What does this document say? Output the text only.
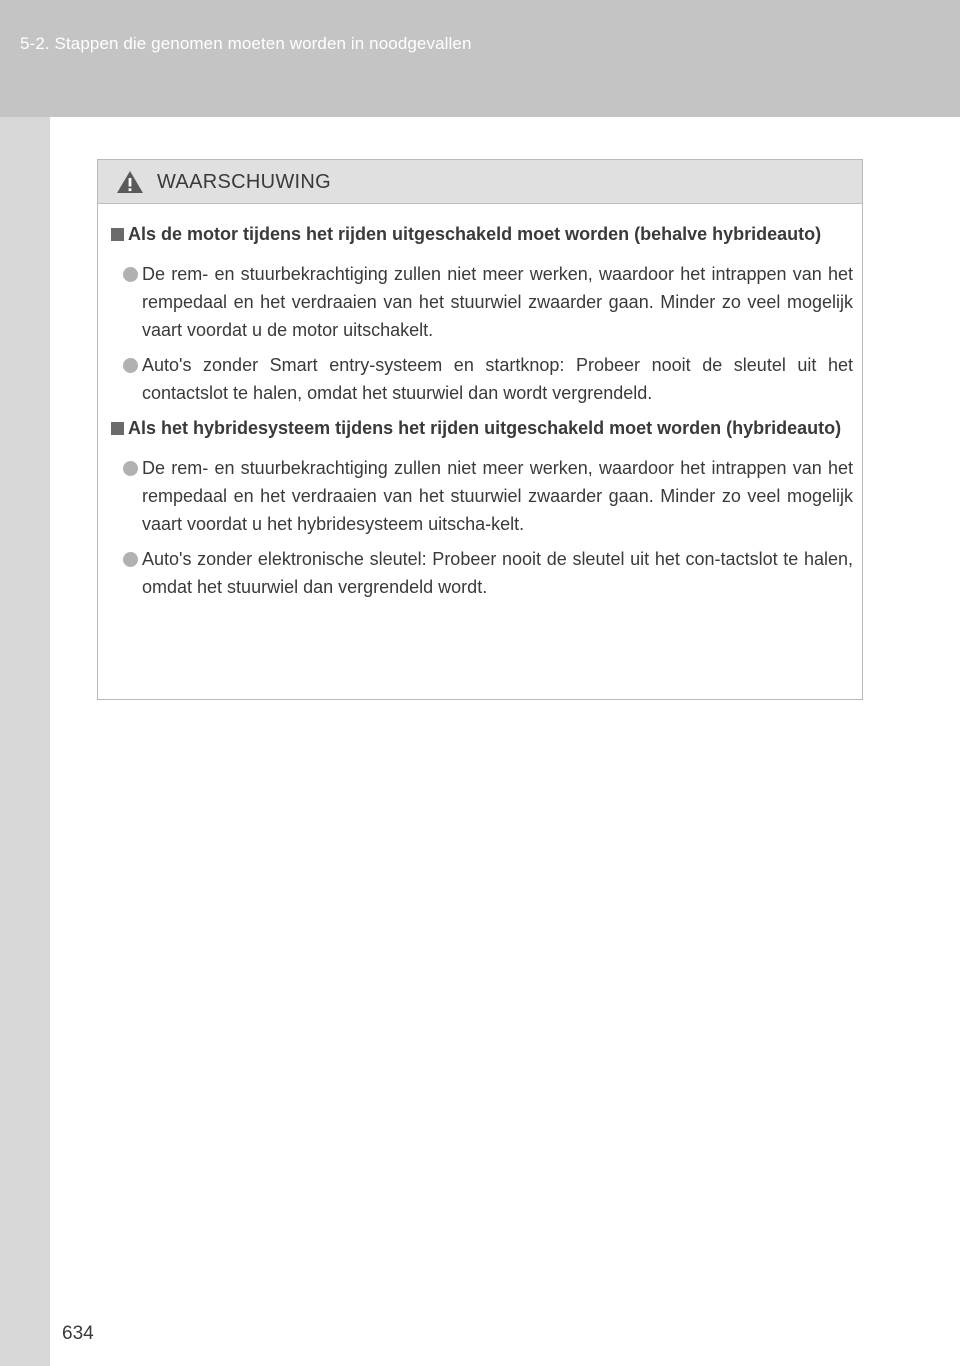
5-2. Stappen die genomen moeten worden in noodgevallen
WAARSCHUWING
Als de motor tijdens het rijden uitgeschakeld moet worden (behalve hybrideauto)
De rem- en stuurbekrachtiging zullen niet meer werken, waardoor het intrappen van het rempedaal en het verdraaien van het stuurwiel zwaarder gaan. Minder zo veel mogelijk vaart voordat u de motor uitschakelt.
Auto's zonder Smart entry-systeem en startknop: Probeer nooit de sleutel uit het contactslot te halen, omdat het stuurwiel dan wordt vergrendeld.
Als het hybridesysteem tijdens het rijden uitgeschakeld moet worden (hybrideauto)
De rem- en stuurbekrachtiging zullen niet meer werken, waardoor het intrappen van het rempedaal en het verdraaien van het stuurwiel zwaarder gaan. Minder zo veel mogelijk vaart voordat u het hybridesysteem uitscha-kelt.
Auto's zonder elektronische sleutel: Probeer nooit de sleutel uit het con-tactslot te halen, omdat het stuurwiel dan vergrendeld wordt.
634
carmanualsonline.info
